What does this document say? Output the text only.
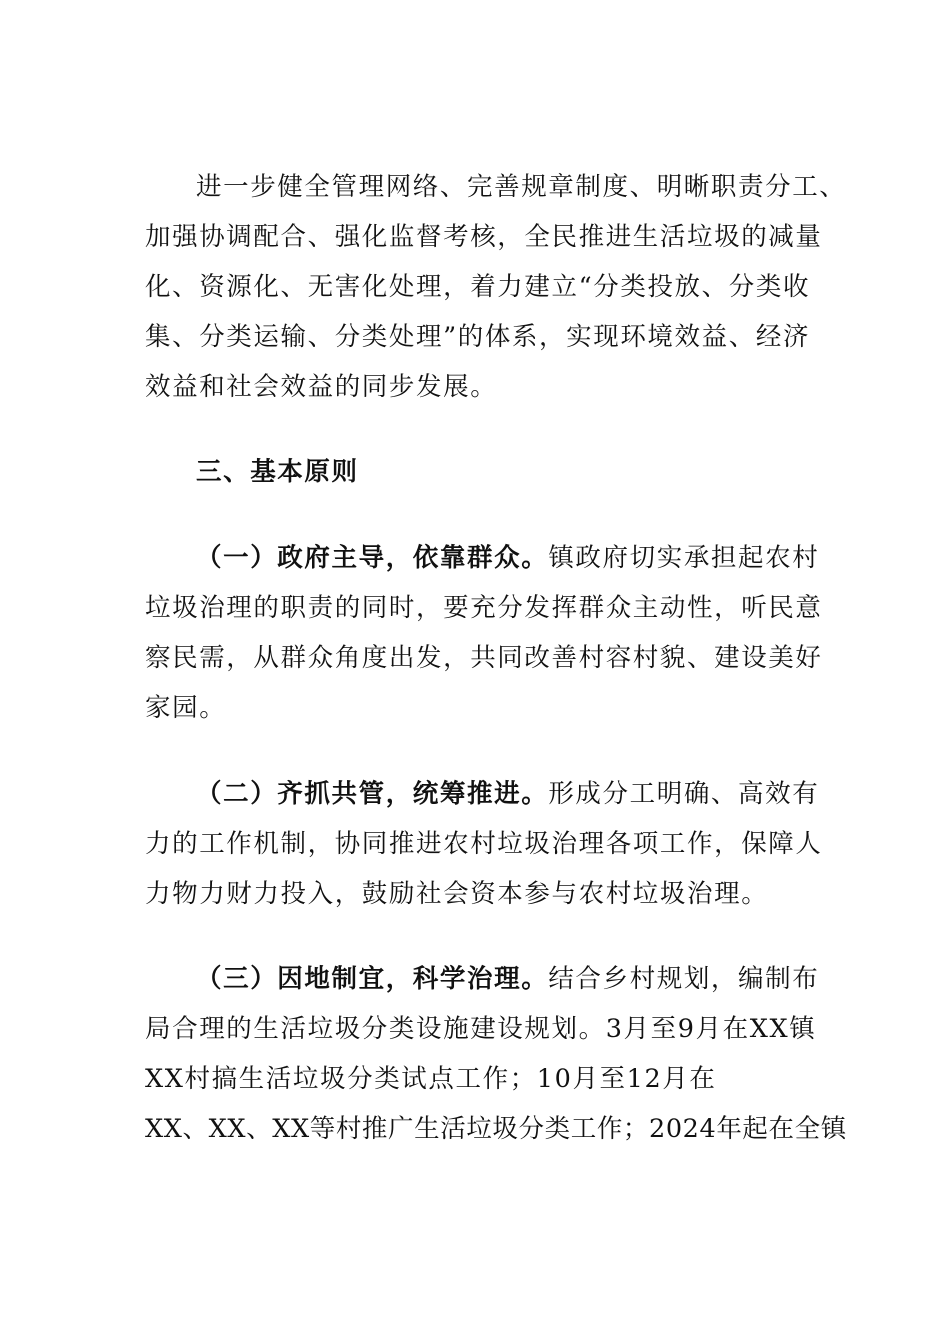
进一步健全管理网络、完善规章制度、明晰职责分工、
加强协调配合、强化监督考核，全民推进生活垃圾的减量
化、资源化、无害化处理，着力建立“分类投放、分类收
集、分类运输、分类处理”的体系，实现环境效益、经济
效益和社会效益的同步发展。
三、基本原则
（一）政府主导，依靠群众。镇政府切实承担起农村
垃圾治理的职责的同时，要充分发挥群众主动性，听民意
察民需，从群众角度出发，共同改善村容村貌、建设美好
家园。
（二）齐抓共管，统筹推进。形成分工明确、高效有
力的工作机制，协同推进农村垃圾治理各项工作，保障人
力物力财力投入，鼓励社会资本参与农村垃圾治理。
（三）因地制宜，科学治理。结合乡村规划，编制布
局合理的生活垃圾分类设施建设规划。3月至9月在XX镇
XX村搞生活垃圾分类试点工作；10月至12月在
XX、XX、XX等村推广生活垃圾分类工作；2024年起在全镇
